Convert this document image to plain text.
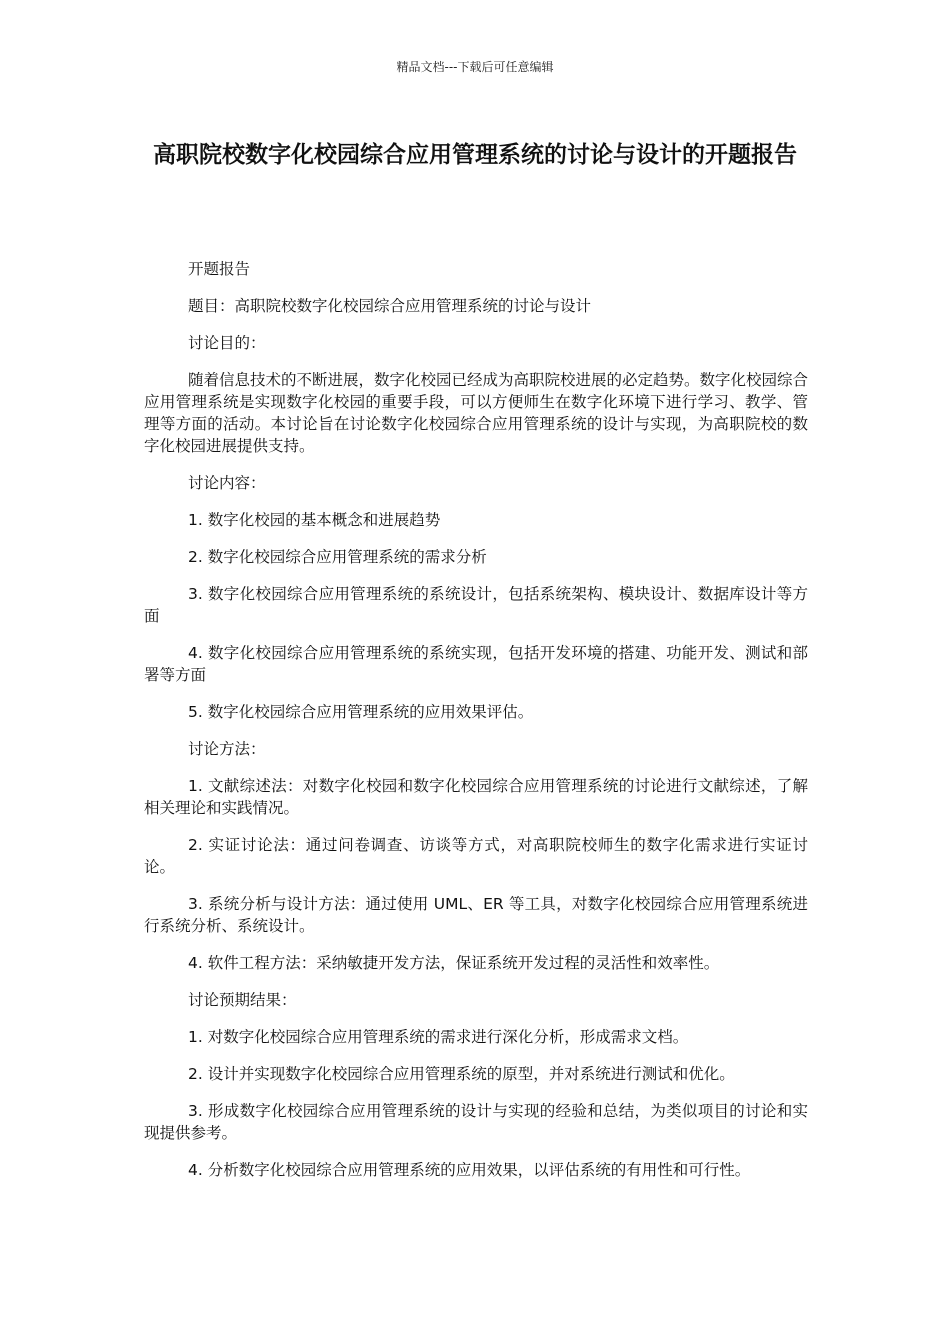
精品文档---下载后可任意编辑
高职院校数字化校园综合应用管理系统的讨论与设计的开题报告

开题报告

题目：高职院校数字化校园综合应用管理系统的讨论与设计

讨论目的：

随着信息技术的不断进展，数字化校园已经成为高职院校进展的必定趋势。数字化校园综合应用管理系统是实现数字化校园的重要手段，可以方便师生在数字化环境下进行学习、教学、管理等方面的活动。本讨论旨在讨论数字化校园综合应用管理系统的设计与实现，为高职院校的数字化校园进展提供支持。

讨论内容：

1. 数字化校园的基本概念和进展趋势

2. 数字化校园综合应用管理系统的需求分析

3. 数字化校园综合应用管理系统的系统设计，包括系统架构、模块设计、数据库设计等方面

4. 数字化校园综合应用管理系统的系统实现，包括开发环境的搭建、功能开发、测试和部署等方面

5. 数字化校园综合应用管理系统的应用效果评估。

讨论方法：

1. 文献综述法：对数字化校园和数字化校园综合应用管理系统的讨论进行文献综述，了解相关理论和实践情况。

2. 实证讨论法：通过问卷调查、访谈等方式，对高职院校师生的数字化需求进行实证讨论。

3. 系统分析与设计方法：通过使用 UML、ER 等工具，对数字化校园综合应用管理系统进行系统分析、系统设计。

4. 软件工程方法：采纳敏捷开发方法，保证系统开发过程的灵活性和效率性。

讨论预期结果：

1. 对数字化校园综合应用管理系统的需求进行深化分析，形成需求文档。

2. 设计并实现数字化校园综合应用管理系统的原型，并对系统进行测试和优化。

3. 形成数字化校园综合应用管理系统的设计与实现的经验和总结，为类似项目的讨论和实现提供参考。

4. 分析数字化校园综合应用管理系统的应用效果，以评估系统的有用性和可行性。
